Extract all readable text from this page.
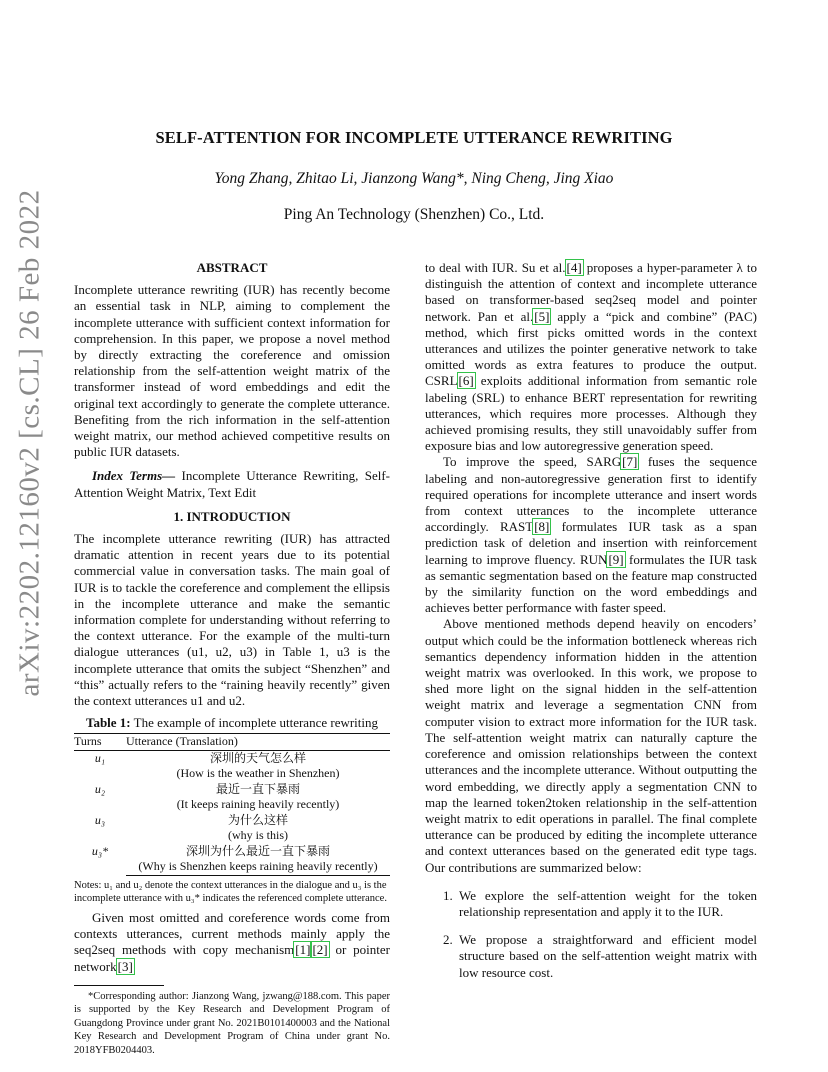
arXiv:2202.12160v2 [cs.CL] 26 Feb 2022
SELF-ATTENTION FOR INCOMPLETE UTTERANCE REWRITING
Yong Zhang, Zhitao Li, Jianzong Wang*, Ning Cheng, Jing Xiao
Ping An Technology (Shenzhen) Co., Ltd.
ABSTRACT

Incomplete utterance rewriting (IUR) has recently become an essential task in NLP, aiming to complement the incomplete utterance with sufficient context information for comprehension. In this paper, we propose a novel method by directly extracting the coreference and omission relationship from the self-attention weight matrix of the transformer instead of word embeddings and edit the original text accordingly to generate the complete utterance. Benefiting from the rich information in the self-attention weight matrix, our method achieved competitive results on public IUR datasets.

Index Terms— Incomplete Utterance Rewriting, Self-Attention Weight Matrix, Text Edit

1. INTRODUCTION

The incomplete utterance rewriting (IUR) has attracted dramatic attention in recent years due to its potential commercial value in conversation tasks. The main goal of IUR is to tackle the coreference and complement the ellipsis in the incomplete utterance and make the semantic information complete for understanding without referring to the context utterance. For the example of the multi-turn dialogue utterances (u1, u2, u3) in Table 1, u3 is the incomplete utterance that omits the subject “Shenzhen” and “this” actually refers to the “raining heavily recently” given the context utterances u1 and u2.

Table 1: The example of incomplete utterance rewriting
Turns	Utterance (Translation)
u₁	深圳的天气怎么样
	(How is the weather in Shenzhen)
u₂	最近一直下暴雨
	(It keeps raining heavily recently)
u₃	为什么这样
	(why is this)
u₃*	深圳为什么最近一直下暴雨
	(Why is Shenzhen keeps raining heavily recently)
Notes: u₁ and u₂ denote the context utterances in the dialogue and u₃ is the incomplete utterance with u₃* indicates the referenced complete utterance.

Given most omitted and coreference words come from contexts utterances, current methods mainly apply the seq2seq methods with copy mechanism[1] [2] or pointer network[3]

*Corresponding author: Jianzong Wang, jzwang@188.com. This paper is supported by the Key Research and Development Program of Guangdong Province under grant No. 2021B0101400003 and the National Key Research and Development Program of China under grant No. 2018YFB0204403.

to deal with IUR. Su et al.[4] proposes a hyper-parameter λ to distinguish the attention of context and incomplete utterance based on transformer-based seq2seq model and pointer network. Pan et al.[5] apply a “pick and combine” (PAC) method, which first picks omitted words in the context utterances and utilizes the pointer generative network to take omitted words as extra features to produce the output. CSRL[6] exploits additional information from semantic role labeling (SRL) to enhance BERT representation for rewriting utterances, which requires more processes. Although they achieved promising results, they still unavoidably suffer from exposure bias and low autoregressive generation speed.

To improve the speed, SARG[7] fuses the sequence labeling and non-autoregressive generation first to identify required operations for incomplete utterance and insert words from context utterances to the incomplete utterance accordingly. RAST[8] formulates IUR task as a span prediction task of deletion and insertion with reinforcement learning to improve fluency. RUN[9] formulates the IUR task as semantic segmentation based on the feature map constructed by the similarity function on the word embeddings and achieves better performance with faster speed.

Above mentioned methods depend heavily on encoders’ output which could be the information bottleneck whereas rich semantics dependency information hidden in the attention weight matrix was overlooked. In this work, we propose to shed more light on the signal hidden in the self-attention weight matrix and leverage a segmentation CNN from computer vision to extract more information for the IUR task. The self-attention weight matrix can naturally capture the coreference and omission relationships between the context utterances and the incomplete utterance. Without outputting the word embedding, we directly apply a segmentation CNN to map the learned token2token relationship in the self-attention weight matrix to edit operations in parallel. The final complete utterance can be produced by editing the incomplete utterance and context utterances based on the generated edit type tags. Our contributions are summarized below:

1. We explore the self-attention weight for the token relationship representation and apply it to the IUR.
2. We propose a straightforward and efficient model structure based on the self-attention weight matrix with low resource cost.
